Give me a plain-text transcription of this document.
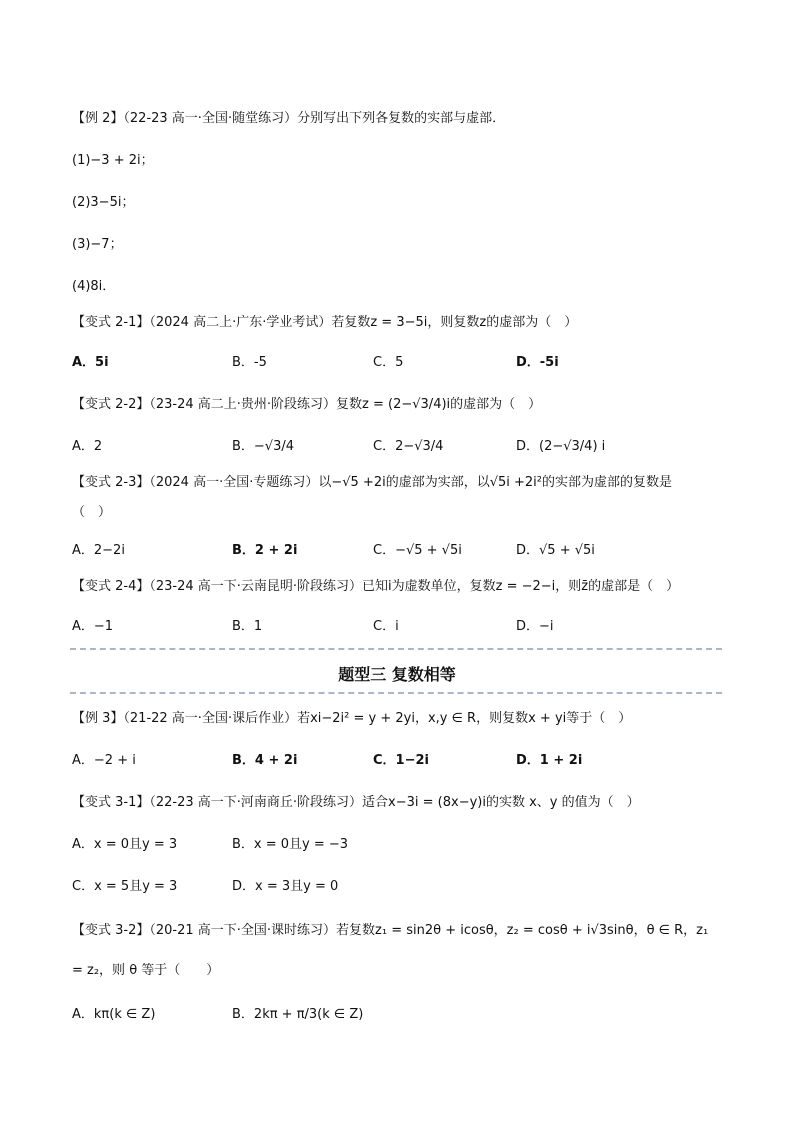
【例 2】（22-23 高一·全国·随堂练习）分别写出下列各复数的实部与虚部．
(1)−3 + 2i；
(2)3−5i；
(3)−7；
(4)8i．
【变式 2-1】（2024 高二上·广东·学业考试）若复数z = 3−5i，则复数z的虚部为（　）
A．5i	B．-5	C．5	D．-5i
【变式 2-2】（23-24 高二上·贵州·阶段练习）复数z = (2−√3/4)i的虚部为（　）
A．2	B．−√3/4	C．2−√3/4	D．(2−√3/4) i
【变式 2-3】（2024 高一·全国·专题练习）以−√5 +2i的虚部为实部，以√5i +2i²的实部为虚部的复数是
（　）
A．2−2i	B．2 + 2i	C．−√5 + √5i	D．√5 + √5i
【变式 2-4】（23-24 高一下·云南昆明·阶段练习）已知i为虚数单位，复数z = −2−i，则z̄的虚部是（　）
A．−1	B．1	C．i	D．−i
题型三 复数相等
【例 3】（21-22 高一·全国·课后作业）若xi−2i² = y + 2yi，x,y ∈ R，则复数x + yi等于（　）
A．−2 + i	B．4 + 2i	C．1−2i	D．1 + 2i
【变式 3-1】（22-23 高一下·河南商丘·阶段练习）适合x−3i = (8x−y)i的实数 x、y 的值为（　）
A．x = 0且y = 3	B．x = 0且y = −3
C．x = 5且y = 3	D．x = 3且y = 0
【变式 3-2】（20-21 高一下·全国·课时练习）若复数z₁ = sin2θ + icosθ，z₂ = cosθ + i√3sinθ，θ ∈ R，z₁
= z₂，则 θ 等于（　　）
A．kπ(k ∈ Z)	B．2kπ + π/3(k ∈ Z)
